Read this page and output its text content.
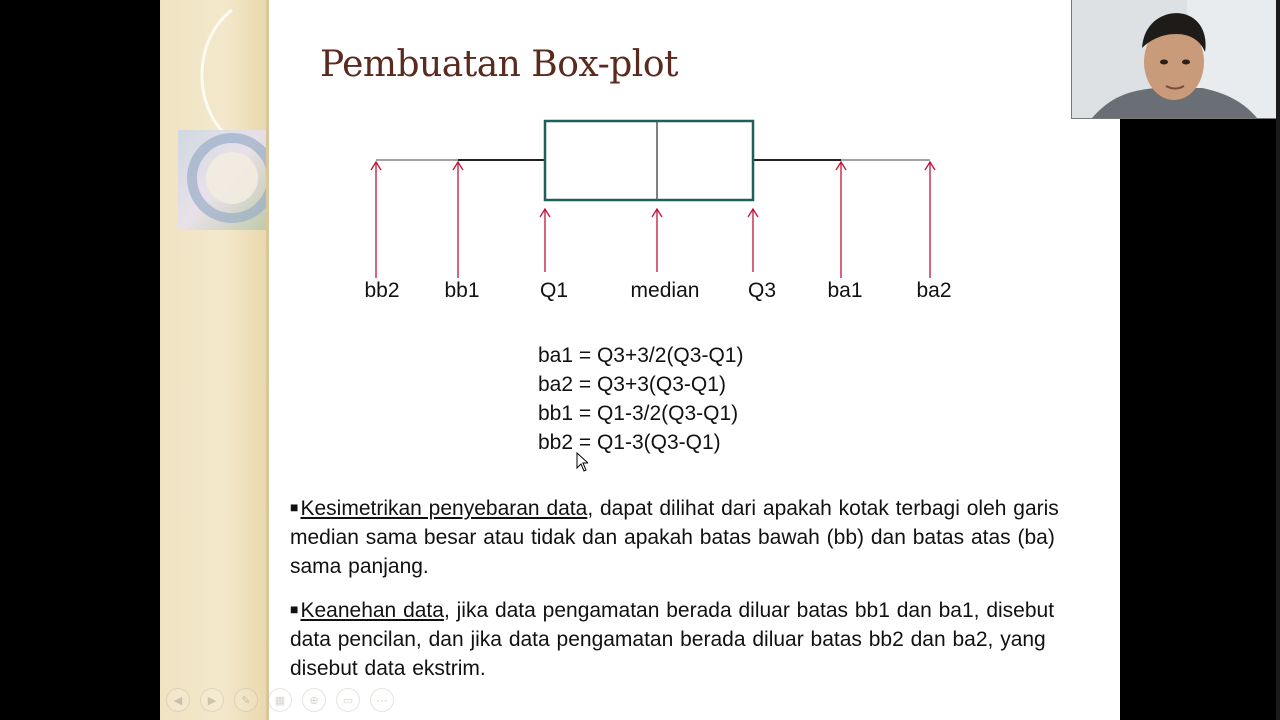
Pembuatan Box-plot
bb2 bb1	Q1	median Q3 ba1	ba2
ba1 = Q3+3/2(Q3-Q1)
ba2 = Q3+3(Q3-Q1)
bb1 = Q1-3/2(Q3-Q1)
bb2 = Q1-3(Q3-Q1)

■Kesimetrikan penyebaran data, dapat dilihat dari apakah kotak terbagi oleh garis median sama besar atau tidak dan apakah batas bawah (bb) dan batas atas (ba) sama panjang.

■Keanehan data, jika data pengamatan berada diluar batas bb1 dan ba1, disebut data pencilan, dan jika data pengamatan berada diluar batas bb2 dan ba2, yang disebut data ekstrim.

◀	▶	✎	▦	⊕	▭	⋯
